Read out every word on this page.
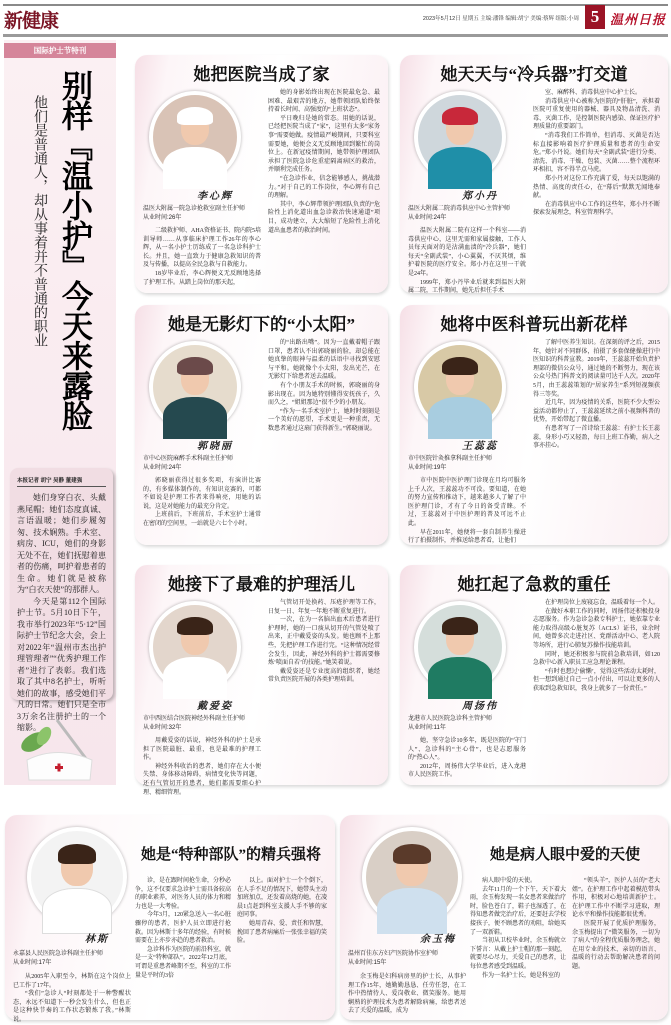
新健康	2023年5月12日 星期五 主编:潘锋 编辑:胡宁 美编:蔡辉 组版:小周 5 温州日报
国际护士节特刊
别样『温小护』今天来露脸
他们是普通人，却从事着并不普通的职业
本报记者 胡宁 吴静 董建强

她们身穿白衣、头戴燕尾帽；她们态度真诚、言语温暖；她们步履匆匆、技术娴熟。手术室、病房、ICU，她们的身影无处不在，她们抚慰着患者的伤痛，呵护着患者的生命。她们就是被称为“白衣天使”的那群人。

今天是第112个国际护士节。5月10日下午，我市举行2023年“5·12”国际护士节纪念大会，会上对2022年“温州市杰出护理管理者”“优秀护理工作者”进行了表彰。我们选取了其中8名护士，听听她们的故事，感受她们平凡的日常。她们只是全市3万余名注册护士的一个缩影。

她把医院当成了家
李心辉
温医大附属一院急诊抢救室副主任护师
从业时间:26年

二级救护师、AHA资格证书、院内院5培训导师……从事临床护理工作26年的李心辉，从一名小护士历练成了一名急诊科护士长。并且，她一直致力于健康急救知识的普及与传播，以提高全民急救与自救能力。

18岁毕业后，李心辉便义无反顾地选择了护理工作。从踏上岗位的那天起，

她的身影始终出现在医院最危急、最困难、最艰苦的地方，她带领团队始终保持着长时间、高强度的“上班状态”。

平日晚归是她的常态。用她的话说，已经把医院当成了“家”，这里有太多“家务事”需要她做。疫情最严峻期间，只要科室需要她，她便会义无反顾地回到繁忙的岗位上。在新冠疫情期间，她带领护理团队承担了医院急诊危重症隔离病区的救治，并顺利完成任务。

“在急诊作业，信念能够感人，挑战潜力。”对于自己的工作岗位，李心辉有自己的理解。

其中，李心辉带领护理团队负责的“危险性上消化道出血急诊救治快速通道”项目，成功建立，大大缩短了危险性上消化道出血患者的救治时间。

她天天与“冷兵器”打交道
郑小丹
温医大附属二院消毒供应中心主管护师
从业时间:24年

温医大附属二院有这样一个科室——消毒供应中心，这里无需和家属接触，工作人员每天面对的是沾满血渍的“冷兵器”，她们每天“全副武装”，小心翼翼，不厌其烦，维护着医院的医疗安全。郑小丹在这里一干就是24年。

1999年，郑小丹毕业后就来到温医大附属二院，工作期间，她先后担任手术

室、麻醉科、消毒供应中心护士长。

消毒供应中心被称为医院的“肝脏”，承担着医院可重复使用的器械、器具及物品清洗、消毒、灭菌工作，是控制医院内感染、保证医疗护理质量的重要部门。

“消毒我们工作简单，但消毒、灭菌是否达标直接影响着医疗护理质量和患者的生命安危。”郑小丹说。她们每天“全副武装”进行分类、清洗、消毒、干燥、包装、灭菌……整个流程环环相扣，容不得半点马虎。

郑小丹对这份工作充满了爱，每天以饱满的热情、高度的责任心，在“幕后”默默无闻地奉献。

在消毒供应中心工作的这些年，郑小丹不断探索发展理念，科室管理科学。

她是无影灯下的“小太阳”
郭晓丽
市中心医院麻醉手术科副主任护师
从业时间:24年

郭晓丽获得过很多奖项，有演讲比赛的，有多媒体制作的，有知识竞赛的，可都不如说是护理工作者来得响亮，用她的话说，这是对她能力的最充分肯定。

上班前后，下班前后，手术室护士通常在密闭的空间里，一站就是六七个小时。

的“出路出嘴”。因为一直戴着帽子跟口罩，患者认不出郭晓丽的脸，却总能在她真挚的眼神与温柔的话语中寻找到安慰与平和。她就像个小太阳，发出光芒，在无影灯下给患者送去温暖。

有个小朋友手术的时候，郭晓丽的身影出现在。因为她特别懂得安抚孩子，久而久之，“姐姐那边”很不少的小朋友。

“作为一名手术室护士，她时时刻刻是一个美好的愿望，手术更是一种重责，无数患者通过这扇门获得新生。”郭晓丽说。

她将中医科普玩出新花样
王蕊蕊
市中医院针灸推拿科副主任护师
从业时间:19年

市中医院中医护理门诊现在月均可服务上千人次，王蕊蕊功不可没。要知道，在她的努力宣传和推动下，越来越多人了解了中医护理门诊，才有了今日的备受青睐。不过，王蕊蕊对于中医护理的普及可远不止此。

早在2011年，她便将一套自制养生操进行了拍摄制作，并推送给患者看，让他们

了解中医养生知识。在深刻的评之后，2015年，她针对不同群体，拍摄了多套保健操进行中医知识的科普宣教。2019年，王蕊蕊开始负责护理部的微信公众号，通过她的不断努力，现在该公众号热门科普文的阅读量可达千人次。2020年5月，由王蕊蕊策划的“居家养生”系列短视频获得三等奖。

近几年，因为疫情的关系，医院不少大型公益活动都停止了，王蕊蕊延续之前小视频科普的优势，开始带起了微直播。

有患者写了一首诗给王蕊蕊：有护士长王蕊蕊，身形小巧又轻盈，每日上班工作勤，病人之事亦挂心。

她接下了最难的护理活儿
戴爱姿
市中西医结合医院神经外科副主任护师
从业时间:32年

用戴爱姿的话说，神经外科的护士是承担了医院最脏、最重，也是最难的护理工作。

神经外科收治的患者，她们存在大小便失禁、身体移动障碍，病情变化快等问题，还有气管切开的患者，她们都需要细心护理、精细管理。

气管切开处换药、压疮护理等工作，日复一日、年复一年地不断重复进行。

一次，在为一名脑出血术后患者进行护理时，她的一口痰从切开的气管处喷了出来，正中戴爱姿的头发。她也顾不上那些，先把护理工作进行完。“这种情况经常会发生，因此，神经外科的护士都需要修炼‘喷面自若’的技能。”她笑着说。

戴爱姿还是专业度高的组织者，她经常负责医院开展的各类护理培训。

她扛起了急救的重任
周扬伟
龙港市人民医院急诊科主管护师
从业时间:11年

她，坚守急诊10多年，既是医院的“守门人”、急诊科的“主心骨”，也是志愿服务的“热心人”。

2012年，周扬伟大学毕业后，进入龙港市人民医院工作。

在护理岗位上废寝忘食，温暖着每一个人。

在做好本职工作的同时，周扬伟还积极投身志愿服务。作为急诊急救专科护士，她依靠专业能力取得高级心脏复苏（ACLS）证书，业余时间，她曾多次走进社区、党群活动中心、老人院等场所，进行心肺复苏操作技能培训。

同时，她还积极参与院前急救培训，如120急救中心新入职员工应急理论课程。

“有时也想过‘偷懒’，觉得这些活动太耗时，但一想到通过自己一点小付出，可以让更多的人获取到急救知识，我身上就多了一份责任。”

她是“特种部队”的精兵强将
林斯
永嘉县人民医院急诊科副主任护师
从业时间:17年

从2005年入职至今，林斯在这个岗位上已工作了17年。

“我们”急诊人“时刻都处于一种警醒状态，永远不知道下一秒会发生什么，但也正是这种快节奏的工作状态锻炼了我。”林斯说。

诊，是在跟时间抢生命，分秒必争，这不仅要求急诊护士需具备较高的职业素养，对医务人员的体力和精力也是一大考验。

今年3月，120紧急送入一名心脏骤停的患者，医护人员立即进行抢救。因为林斯十多年的经验，有时候需要在上亦步亦趋的患者救治。

急诊科作为医院的前沿科室，就是一支“特种部队”。2022年12月底，可谓是重患者峰期不至，科室的工作量是平时的3倍

以上。面对护士一个个倒下，在人手不足的情况下，她带头主动加班加点，还发着高烧的她，在凌晨1点赶到科室支援人手不够的家庭同事。

她用青春、爱、责任和智慧，挽回了患者病痛后一张张幸福的笑脸。

她是病人眼中爱的天使
余玉梅
温州百佳东方妇产医院协作室护师
从业时间:15年

余玉梅是妇科病房里的护士长，从事护理工作15年，她勤勤恳恳、任劳任怨，在工作中热情待人、爱岗敬业、微笑服务。她用娴熟的护理技术为患者解除病痛，给患者送去了关爱的温暖，成为

病人眼中爱的天使。

去年11月的一个下午，天下着大雨，余玉梅发现一名女患者来做治疗时，脸色苍白了，鞋子也湿透了，在得知患者做完治疗后，还要赶去学校接孩子，便不顾患者的劝阻，给她买了一双新鞋。

当初从卫校毕业时，余玉梅就立下誓言：从戴上护士帽的那一刻起，就要尽心尽力，关爱自己的患者，让每位患者感受到温暖。

作为一名护士长，她是科室的

“领头羊”，医护人员的“老大姐”。在护理工作中起着模范带头作用，积极对心地培训新护士。在护理工作中不断学习进取，理论水平和操作技能都很优秀。

医院开展了优质护理服务，余玉梅提出了“微笑服务，一切为了病人”的全程优质服务理念，她在用专业的技术、亲切的语言、温暖的行动去帮助解决患者的问题。
